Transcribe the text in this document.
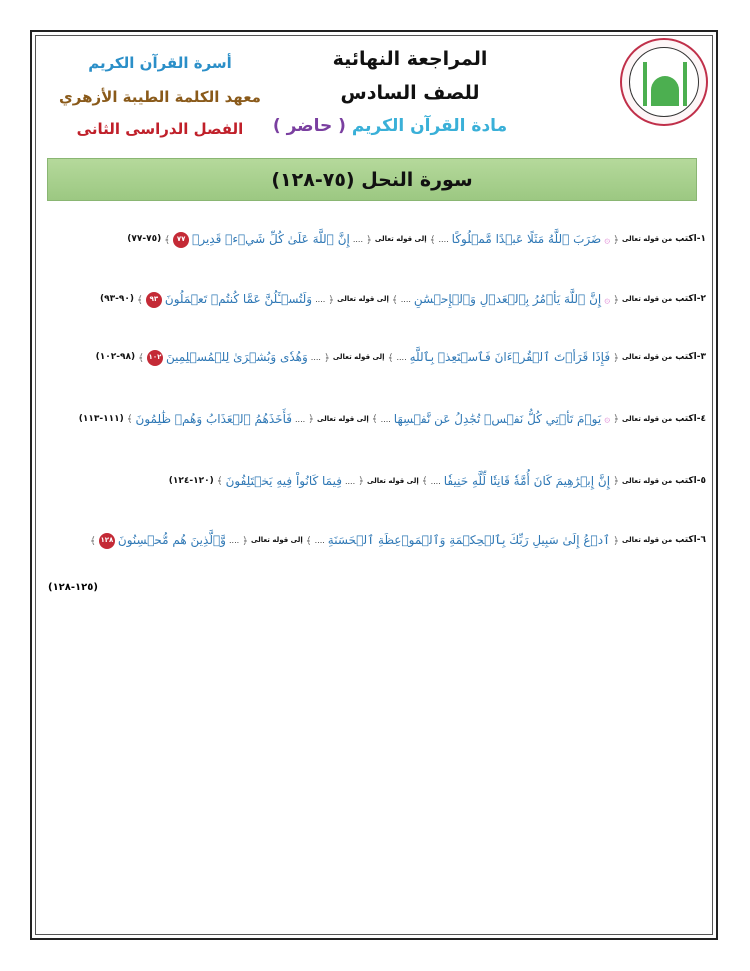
المراجعة النهائية
للصف السادس
مادة القرآن الكريم ( حاضر )
أسرة القرآن الكريم
معهد الكلمة الطيبة الأزهري
الفصل الدراسى الثانى
سورة النحل (٧٥-١٢٨)
١-اكتب
من قوله تعالى
﴿
۞
ضَرَبَ ٱللَّهُ مَثَلًا عَبۡدًا مَّمۡلُوكًا
....
﴾
إلى قوله تعالى
﴿
....
إِنَّ ٱللَّهَ عَلَىٰ كُلِّ شَيۡءٖ قَدِيرٞ
٧٧
﴾
(٧٥-٧٧)
٢-اكتب
من قوله تعالى
﴿
۞
إِنَّ ٱللَّهَ يَأۡمُرُ بِٱلۡعَدۡلِ وَٱلۡإِحۡسَٰنِ
....
﴾
إلى قوله تعالى
﴿
....
وَلَتُسۡـَٔلُنَّ عَمَّا كُنتُمۡ تَعۡمَلُونَ
٩٣
﴾
(٩٠-٩٣)
٣-اكتب
من قوله تعالى
﴿
فَإِذَا قَرَأۡتَ ٱلۡقُرۡءَانَ فَٱسۡتَعِذۡ بِٱللَّهِ
....
﴾
إلى قوله تعالى
﴿
....
وَهُدٗى وَبُشۡرَىٰ لِلۡمُسۡلِمِينَ
١٠٢
﴾
(٩٨-١٠٢)
٤-اكتب
من قوله تعالى
﴿
۞
يَوۡمَ تَأۡتِي كُلُّ نَفۡسٖ تُجَٰدِلُ عَن نَّفۡسِهَا
....
﴾
إلى قوله تعالى
﴿
....
فَأَخَذَهُمُ ٱلۡعَذَابُ وَهُمۡ ظَٰلِمُونَ
﴾
(١١١-١١٣)
٥-اكتب
من قوله تعالى
﴿
إِنَّ إِبۡرَٰهِيمَ كَانَ أُمَّةٗ قَانِتٗا لِّلَّهِ حَنِيفٗا
....
﴾
إلى قوله تعالى
﴿
....
فِيمَا كَانُواْ فِيهِ يَخۡتَلِفُونَ
﴾
(١٢٠-١٢٤)
٦-اكتب
من قوله تعالى
﴿
ٱدۡعُ إِلَىٰ سَبِيلِ رَبِّكَ بِٱلۡحِكۡمَةِ وَٱلۡمَوۡعِظَةِ ٱلۡحَسَنَةِ
....
﴾
إلى قوله تعالى
﴿
....
وَّٱلَّذِينَ هُم مُّحۡسِنُونَ
١٢٨
﴾
(١٢٥-١٢٨)
